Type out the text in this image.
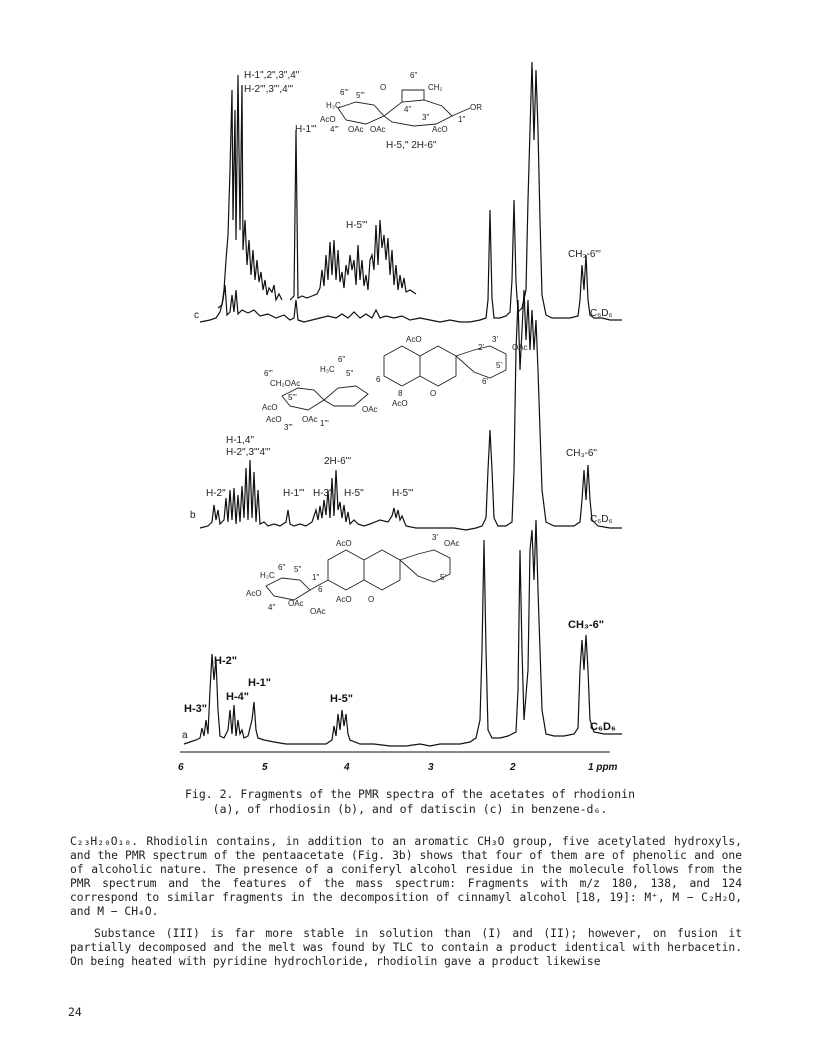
c
H-1",2",3",4"
H-2"',3"',4"'
H-1"'
H-5"'
H-5," 2H-6"
CH₃-6"'
C₆D₆
6"'
H₃C
5"'
O
6"
CH₂
AcO
4"' OAc OAc
4"
3"
AcO
1"
OR
b
H-1,4"
H-2",3"'4"'
H-2"	H-1"' H-3"
2H-6"'
H-5"	H-5"'
CH₃-6"
C₆D₆
6"'
CH₂OAc
6"
H₃C 5"
AcO
5"'
3"'
OAc
AcO	1"'
OAc
AcO
2'
3'
OAc
5'
6'
8
6
AcO
O
a
H-2"
H-3"
H-4"
H-1"
H-5"
CH₃-6"
C₆D₆
AcO	OAc
3'
H₃C
6" 5"
AcO
4" OAc
OAc
1"
6
AcO O
5'
6	5	4	3	2	1 ppm
Fig. 2. Fragments of the PMR spectra of the acetates of rhodionin
(a), of rhodiosin (b), and of datiscin (c) in benzene-d₆.

C₂₃H₂₀O₁₀. Rhodiolin contains, in addition to an aromatic CH₃O group, five acetylated hydroxyls, and the PMR spectrum of the pentaacetate (Fig. 3b) shows that four of them are of phenolic and one of alcoholic nature. The presence of a coniferyl alcohol residue in the molecule follows from the PMR spectrum and the features of the mass spectrum: Fragments with m/z 180, 138, and 124 correspond to similar fragments in the decomposition of cinnamyl alcohol [18, 19]: M⁺, M − C₂H₂O, and M − CH₄O.

Substance (III) is far more stable in solution than (I) and (II); however, on fusion it partially decomposed and the melt was found by TLC to contain a product identical with herbacetin. On being heated with pyridine hydrochloride, rhodiolin gave a product likewise

24
